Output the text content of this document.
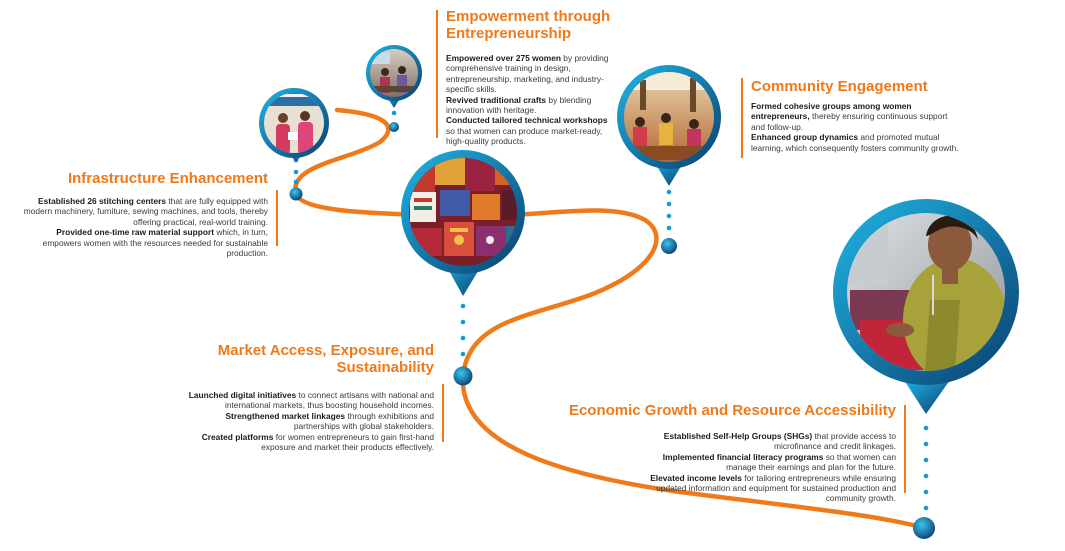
Infrastructure Enhancement

Established 26 stitching centers that are fully equipped with modern machinery, furniture, sewing machines, and tools, thereby offering practical, real-world training.

Provided one-time raw material support which, in turn, empowers women with the resources needed for sustainable production.

Empowerment through Entrepreneurship

Empowered over 275 women by providing comprehensive training in design, entrepreneurship, marketing, and industry-specific skills.

Revived traditional crafts by blending innovation with heritage.

Conducted tailored technical workshops so that women can produce market-ready, high-quality products.

Community Engagement

Formed cohesive groups among women entrepreneurs, thereby ensuring continuous support and follow-up.

Enhanced group dynamics and promoted mutual learning, which consequently fosters community growth.

Market Access, Exposure, and Sustainability

Launched digital initiatives to connect artisans with national and international markets, thus boosting household incomes.

Strengthened market linkages through exhibitions and partnerships with global stakeholders.

Created platforms for women entrepreneurs to gain first-hand exposure and market their products effectively.

Economic Growth and Resource Accessibility

Established Self-Help Groups (SHGs) that provide access to microfinance and credit linkages.

Implemented financial literacy programs so that women can manage their earnings and plan for the future.

Elevated income levels for tailoring entrepreneurs while ensuring updated information and equipment for sustained production and community growth.
